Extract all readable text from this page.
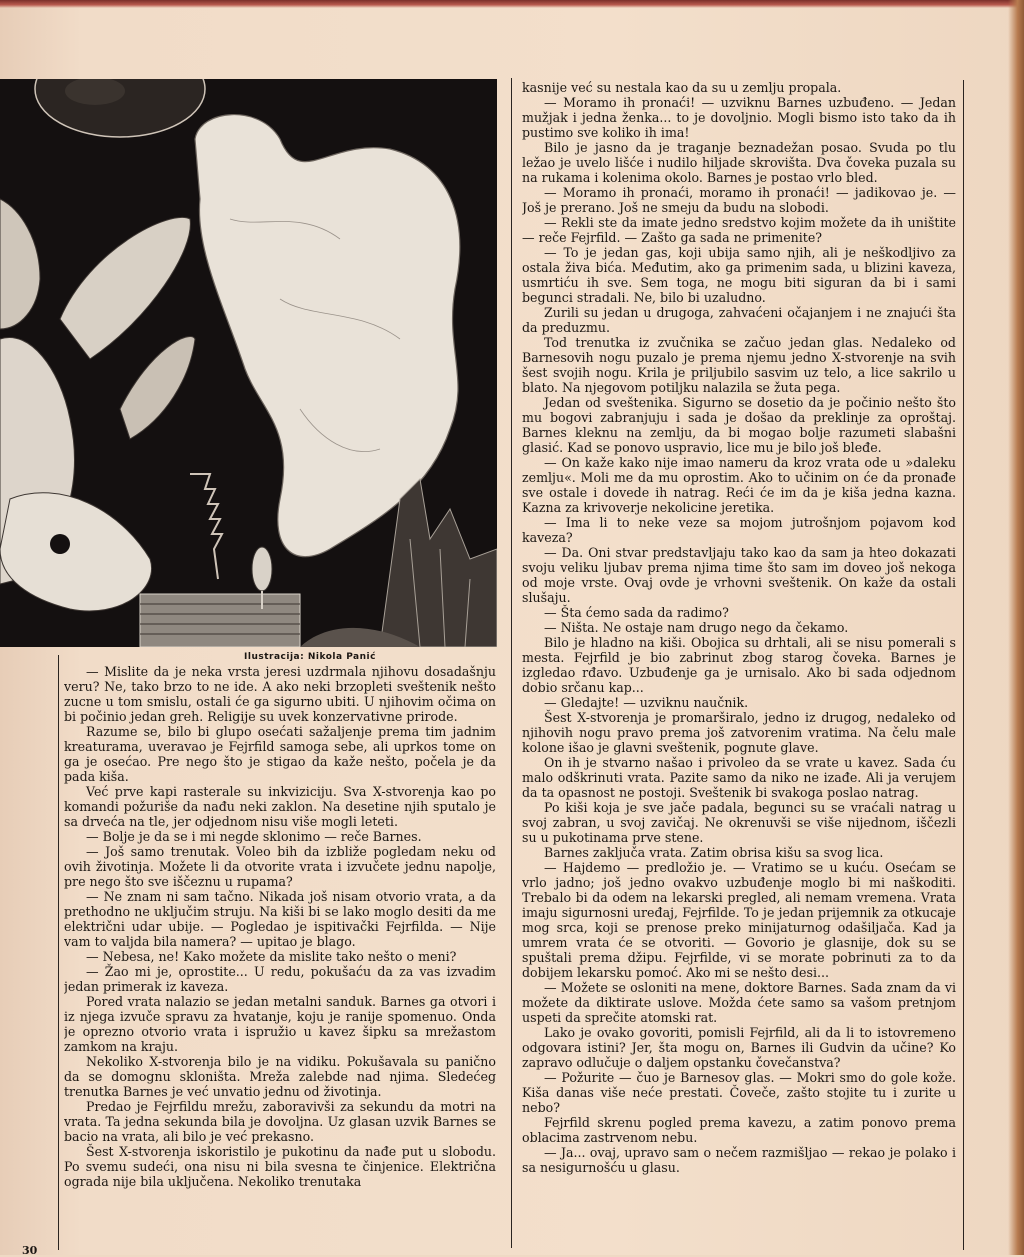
Ilustracija: Nikola Panić

— Mislite da je neka vrsta jeresi uzdrmala njihovu dosadašnju veru? Ne, tako brzo to ne ide. A ako neki brzopleti sveštenik nešto zucne u tom smislu, ostali će ga sigurno ubiti. U njihovim očima on bi počinio jedan greh. Religije su uvek konzervativne prirode.

Razume se, bilo bi glupo osećati sažaljenje prema tim jadnim kreaturama, uveravao je Fejrfild samoga sebe, ali uprkos tome on ga je osećao. Pre nego što je stigao da kaže nešto, počela je da pada kiša.

Već prve kapi rasterale su inkviziciju. Sva X-stvorenja kao po komandi požuriše da nađu neki zaklon. Na desetine njih sputalo je sa drveća na tle, jer odjednom nisu više mogli leteti.

— Bolje je da se i mi negde sklonimo — reče Barnes.

— Još samo trenutak. Voleo bih da izbliže pogledam neku od ovih životinja. Možete li da otvorite vrata i izvučete jednu napolje, pre nego što sve iščeznu u rupama?

— Ne znam ni sam tačno. Nikada još nisam otvorio vrata, a da prethodno ne uključim struju. Na kiši bi se lako moglo desiti da me električni udar ubije. — Pogledao je ispitivački Fejrfilda. — Nije vam to valjda bila namera? — upitao je blago.

— Nebesa, ne! Kako možete da mislite tako nešto o meni?

— Žao mi je, oprostite... U redu, pokušaću da za vas izvadim jedan primerak iz kaveza.

Pored vrata nalazio se jedan metalni sanduk. Barnes ga otvori i iz njega izvuče spravu za hvatanje, koju je ranije spomenuo. Onda je oprezno otvorio vrata i ispružio u kavez šipku sa mrežastom zamkom na kraju.

Nekoliko X-stvorenja bilo je na vidiku. Pokušavala su panično da se domognu skloništa. Mreža zalebde nad njima. Sledećeg trenutka Barnes je već unvatio jednu od životinja.

Predao je Fejrfildu mrežu, zaboravivši za sekundu da motri na vrata. Ta jedna sekunda bila je dovoljna. Uz glasan uzvik Barnes se bacio na vrata, ali bilo je već prekasno.

Šest X-stvorenja iskoristilo je pukotinu da nađe put u slobodu. Po svemu sudeći, ona nisu ni bila svesna te činjenice. Električna ograda nije bila uključena. Nekoliko trenutaka

kasnije već su nestala kao da su u zemlju propala.

— Moramo ih pronaći! — uzviknu Barnes uzbuđeno. — Jedan mužjak i jedna ženka... to je dovoljnio. Mogli bismo isto tako da ih pustimo sve koliko ih ima!

Bilo je jasno da je traganje beznadežan posao. Svuda po tlu ležao je uvelo lišće i nudilo hiljade skrovišta. Dva čoveka puzala su na rukama i kolenima okolo. Barnes je postao vrlo bled.

— Moramo ih pronaći, moramo ih pronaći! — jadikovao je. — Još je prerano. Još ne smeju da budu na slobodi.

— Rekli ste da imate jedno sredstvo kojim možete da ih uništite — reče Fejrfild. — Zašto ga sada ne primenite?

— To je jedan gas, koji ubija samo njih, ali je neškodljivo za ostala živa bića. Međutim, ako ga primenim sada, u blizini kaveza, usmrtiću ih sve. Sem toga, ne mogu biti siguran da bi i sami begunci stradali. Ne, bilo bi uzaludno.

Zurili su jedan u drugoga, zahvaćeni očajanjem i ne znajući šta da preduzmu.

Tod trenutka iz zvučnika se začuo jedan glas. Nedaleko od Barnesovih nogu puzalo je prema njemu jedno X-stvorenje na svih šest svojih nogu. Krila je priljubilo sasvim uz telo, a lice sakrilo u blato. Na njegovom potiljku nalazila se žuta pega.

Jedan od sveštenika. Sigurno se dosetio da je počinio nešto što mu bogovi zabranjuju i sada je došao da preklinje za oproštaj. Barnes kleknu na zemlju, da bi mogao bolje razumeti slabašni glasić. Kad se ponovo uspravio, lice mu je bilo još bleđe.

— On kaže kako nije imao nameru da kroz vrata ode u »daleku zemlju«. Moli me da mu oprostim. Ako to učinim on će da pronađe sve ostale i dovede ih natrag. Reći će im da je kiša jedna kazna. Kazna za krivoverje nekolicine jeretika.

— Ima li to neke veze sa mojom jutrošnjom pojavom kod kaveza?

— Da. Oni stvar predstavljaju tako kao da sam ja hteo dokazati svoju veliku ljubav prema njima time što sam im doveo još nekoga od moje vrste. Ovaj ovde je vrhovni sveštenik. On kaže da ostali slušaju.

— Šta ćemo sada da radimo?

— Ništa. Ne ostaje nam drugo nego da čekamo.

Bilo je hladno na kiši. Obojica su drhtali, ali se nisu pomerali s mesta. Fejrfild je bio zabrinut zbog starog čoveka. Barnes je izgledao rđavo. Uzbuđenje ga je urnisalo. Ako bi sada odjednom dobio srčanu kap...

— Gledajte! — uzviknu naučnik.

Šest X-stvorenja je promarširalo, jedno iz drugog, nedaleko od njihovih nogu pravo prema još zatvorenim vratima. Na čelu male kolone išao je glavni sveštenik, pognute glave.

On ih je stvarno našao i privoleo da se vrate u kavez. Sada ću malo odškrinuti vrata. Pazite samo da niko ne izađe. Ali ja verujem da ta opasnost ne postoji. Sveštenik bi svakoga poslao natrag.

Po kiši koja je sve jače padala, begunci su se vraćali natrag u svoj zabran, u svoj zavičaj. Ne okrenuvši se više nijednom, iščezli su u pukotinama prve stene.

Barnes zaključa vrata. Zatim obrisa kišu sa svog lica.

— Hajdemo — predložio je. — Vratimo se u kuću. Osećam se vrlo jadno; još jedno ovakvo uzbuđenje moglo bi mi naškoditi. Trebalo bi da odem na lekarski pregled, ali nemam vremena. Vrata imaju sigurnosni uređaj, Fejrfilde. To je jedan prijemnik za otkucaje mog srca, koji se prenose preko minijaturnog odašiljača. Kad ja umrem vrata će se otvoriti. — Govorio je glasnije, dok su se spuštali prema džipu. Fejrfilde, vi se morate pobrinuti za to da dobijem lekarsku pomoć. Ako mi se nešto desi...

— Možete se osloniti na mene, doktore Barnes. Sada znam da vi možete da diktirate uslove. Možda ćete samo sa vašom pretnjom uspeti da sprečite atomski rat.

Lako je ovako govoriti, pomisli Fejrfild, ali da li to istovremeno odgovara istini? Jer, šta mogu on, Barnes ili Gudvin da učine? Ko zapravo odlučuje o daljem opstanku čovečanstva?

— Požurite — čuo je Barnesov glas. — Mokri smo do gole kože. Kiša danas više neće prestati. Čoveče, zašto stojite tu i zurite u nebo?

Fejrfild skrenu pogled prema kavezu, a zatim ponovo prema oblacima zastrvenom nebu.

— Ja... ovaj, upravo sam o nečem razmišljao — rekao je polako i sa nesigurnošću u glasu.

30
